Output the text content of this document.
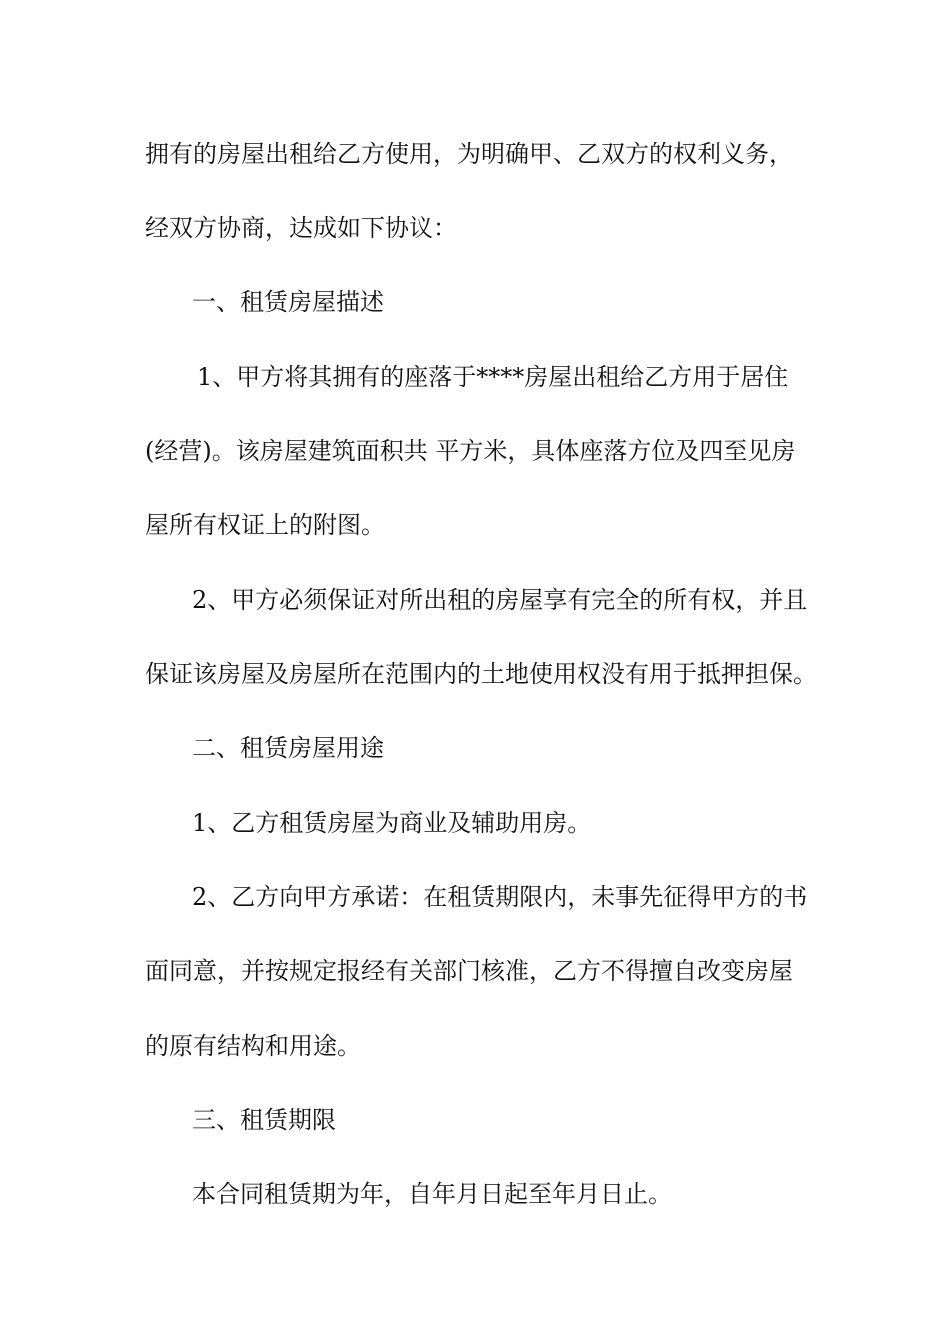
拥有的房屋出租给乙方使用，为明确甲、乙双方的权利义务，
经双方协商，达成如下协议：
一、租赁房屋描述
1、甲方将其拥有的座落于****房屋出租给乙方用于居住
(经营)。该房屋建筑面积共 平方米，具体座落方位及四至见房
屋所有权证上的附图。
2、甲方必须保证对所出租的房屋享有完全的所有权，并且
保证该房屋及房屋所在范围内的土地使用权没有用于抵押担保。
二、租赁房屋用途
1、乙方租赁房屋为商业及辅助用房。
2、乙方向甲方承诺：在租赁期限内，未事先征得甲方的书
面同意，并按规定报经有关部门核准，乙方不得擅自改变房屋
的原有结构和用途。
三、租赁期限
本合同租赁期为年，自年月日起至年月日止。
